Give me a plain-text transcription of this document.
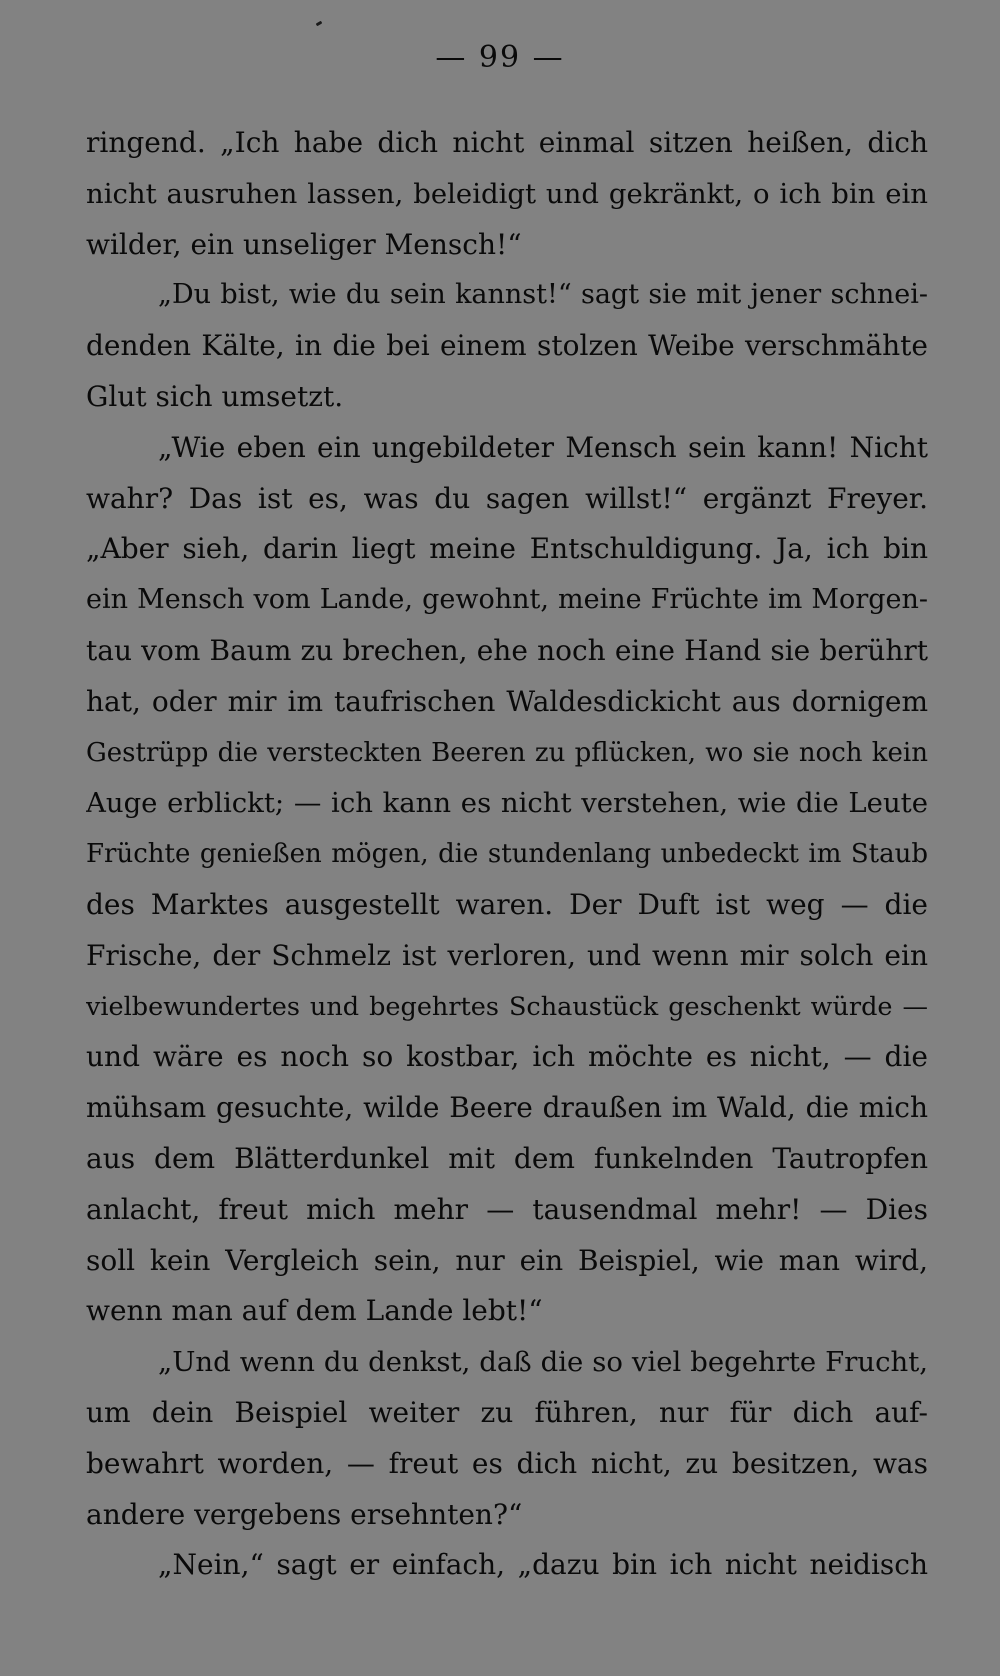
— 99 —
ringend. „Ich habe dich nicht einmal sitzen heißen, dich
nicht ausruhen lassen, beleidigt und gekränkt, o ich bin ein
wilder, ein unseliger Mensch!“
„Du bist, wie du sein kannst!“ sagt sie mit jener schnei-
denden Kälte, in die bei einem stolzen Weibe verschmähte
Glut sich umsetzt.
„Wie eben ein ungebildeter Mensch sein kann! Nicht
wahr? Das ist es, was du sagen willst!“ ergänzt Freyer.
„Aber sieh, darin liegt meine Entschuldigung. Ja, ich bin
ein Mensch vom Lande, gewohnt, meine Früchte im Morgen-
tau vom Baum zu brechen, ehe noch eine Hand sie berührt
hat, oder mir im taufrischen Waldesdickicht aus dornigem
Gestrüpp die versteckten Beeren zu pflücken, wo sie noch kein
Auge erblickt; — ich kann es nicht verstehen, wie die Leute
Früchte genießen mögen, die stundenlang unbedeckt im Staub
des Marktes ausgestellt waren. Der Duft ist weg — die
Frische, der Schmelz ist verloren, und wenn mir solch ein
vielbewundertes und begehrtes Schaustück geschenkt würde —
und wäre es noch so kostbar, ich möchte es nicht, — die
mühsam gesuchte, wilde Beere draußen im Wald, die mich
aus dem Blätterdunkel mit dem funkelnden Tautropfen
anlacht, freut mich mehr — tausendmal mehr! — Dies
soll kein Vergleich sein, nur ein Beispiel, wie man wird,
wenn man auf dem Lande lebt!“
„Und wenn du denkst, daß die so viel begehrte Frucht,
um dein Beispiel weiter zu führen, nur für dich auf-
bewahrt worden, — freut es dich nicht, zu besitzen, was
andere vergebens ersehnten?“
„Nein,“ sagt er einfach, „dazu bin ich nicht neidisch
